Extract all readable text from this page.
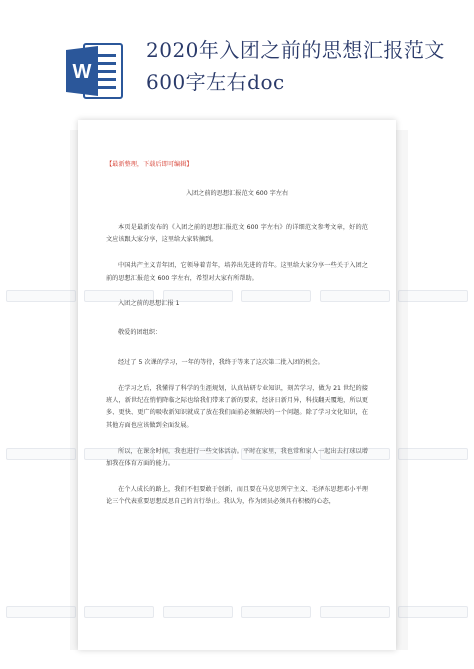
W
2020年入团之前的思想汇报范文600字左右doc

【最新整理，下载后即可编辑】

入团之前的思想汇报范文 600 字左右

本页是最新发布的《入团之前的思想汇报范文 600 字左右》的详细范文参考文章，好的范文应该跟大家分享，这里给大家转摘到。

中国共产主义青年团，它领导着青年，培养出先进的青年。这里给大家分享一些关于入团之前的思想汇报范文 600 字左右，希望对大家有所帮助。

入团之前的思想汇报 1

敬爱的团组织：

经过了 5 次课的学习，一年的等待，我终于等来了这次第二批入团的机会。

在学习之后，我懂得了科学的生涯规划，认真钻研专业知识，刻苦学习，做为 21 世纪的接班人，新世纪在悄悄降临之际也给我们带来了新的要求，经济日新月异，科技翻天覆地，所以更多、更快、更广的吸收新知识就成了放在我们面前必须解决的一个问题。除了学习文化知识，在其他方面也应该做到全面发展。

所以，在课余时间，我也进行一些文体活动。平时在家里，我也常和家人一起出去打球以增加我在体育方面的能力。

在个人成长的路上，我们不但要敢于创新，而且要在马克思列宁主义、毛泽东思想邓小平理论三个代表重要思想反思自己的言行举止。我认为，作为团员必须具有积极的心态，
